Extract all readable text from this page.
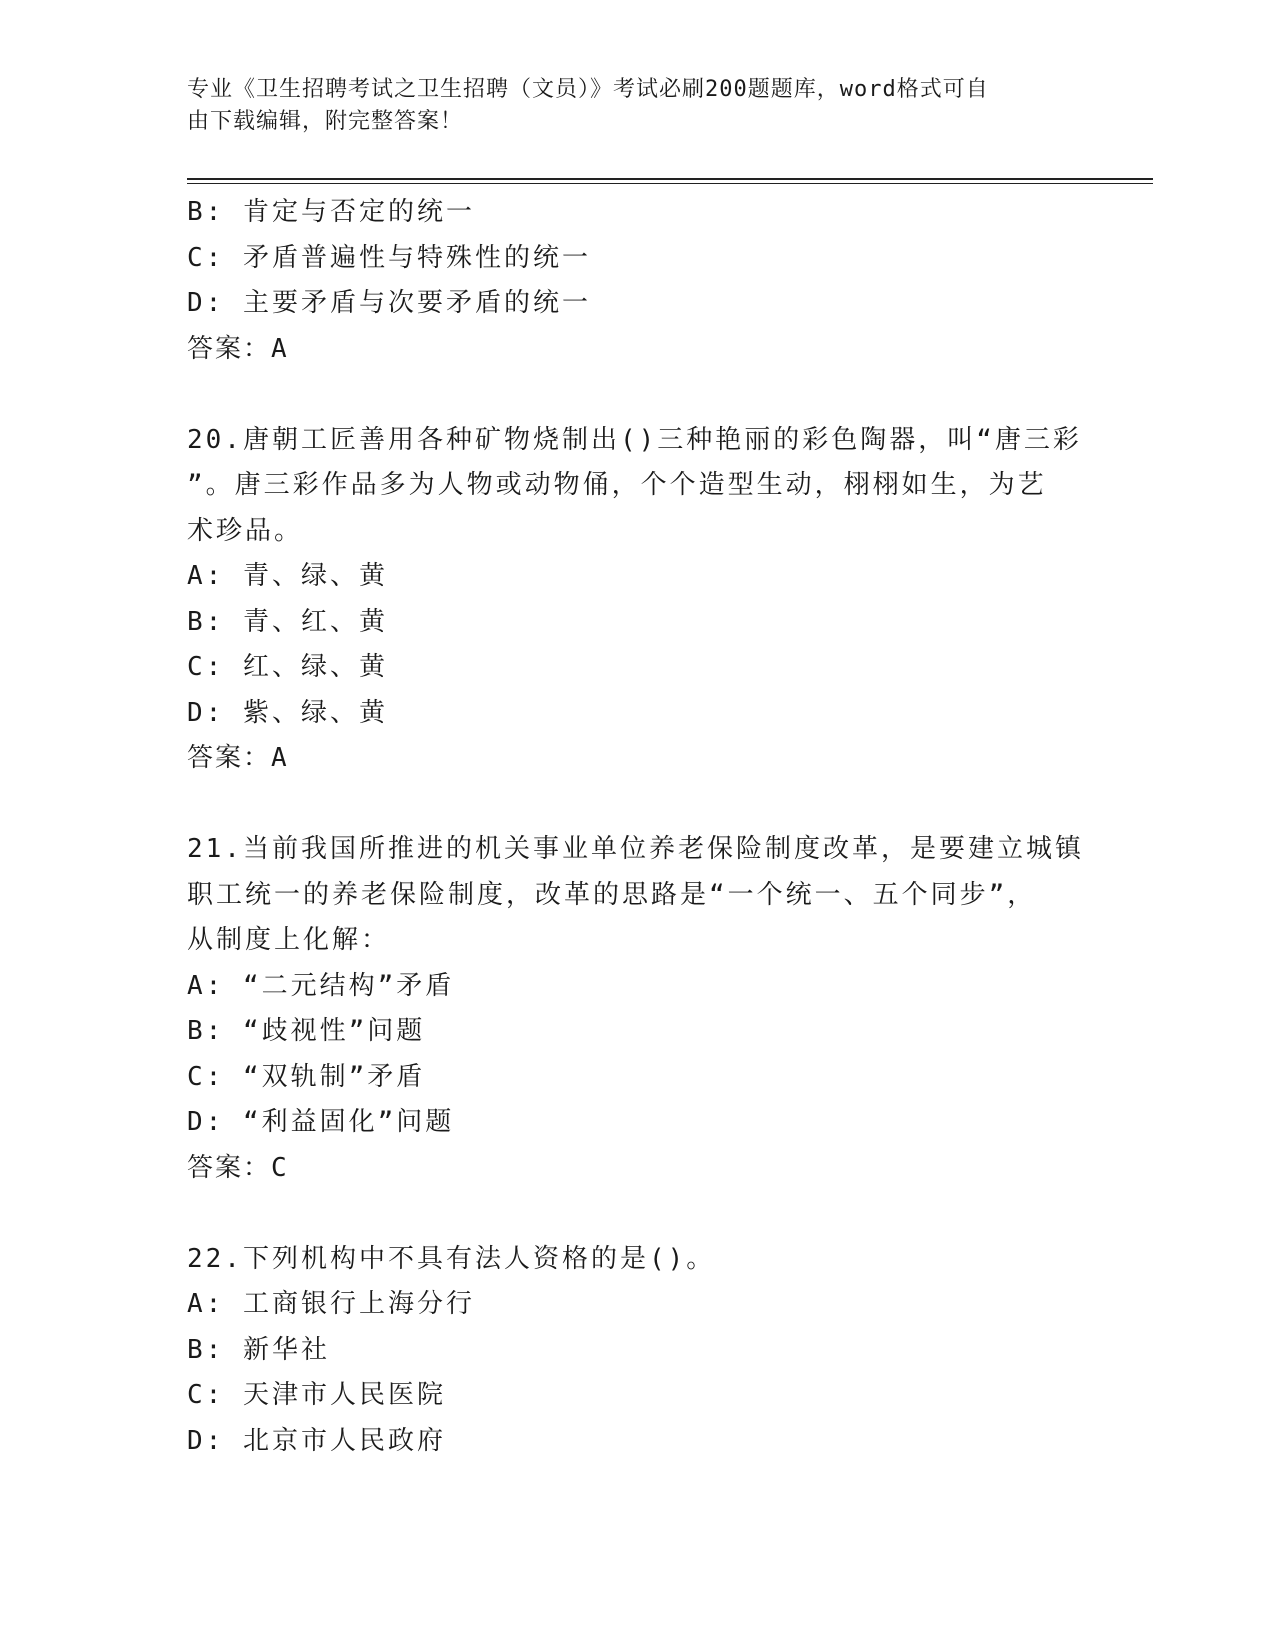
专业《卫生招聘考试之卫生招聘（文员）》考试必刷200题题库，word格式可自
由下载编辑，附完整答案！
B: 肯定与否定的统一
C: 矛盾普遍性与特殊性的统一
D: 主要矛盾与次要矛盾的统一
答案：A
20.唐朝工匠善用各种矿物烧制出()三种艳丽的彩色陶器，叫“唐三彩
”。唐三彩作品多为人物或动物俑，个个造型生动，栩栩如生，为艺
术珍品。
A: 青、绿、黄
B: 青、红、黄
C: 红、绿、黄
D: 紫、绿、黄
答案：A
21.当前我国所推进的机关事业单位养老保险制度改革，是要建立城镇
职工统一的养老保险制度，改革的思路是“一个统一、五个同步”，
从制度上化解：
A: “二元结构”矛盾
B: “歧视性”问题
C: “双轨制”矛盾
D: “利益固化”问题
答案：C
22.下列机构中不具有法人资格的是()。
A: 工商银行上海分行
B: 新华社
C: 天津市人民医院
D: 北京市人民政府
